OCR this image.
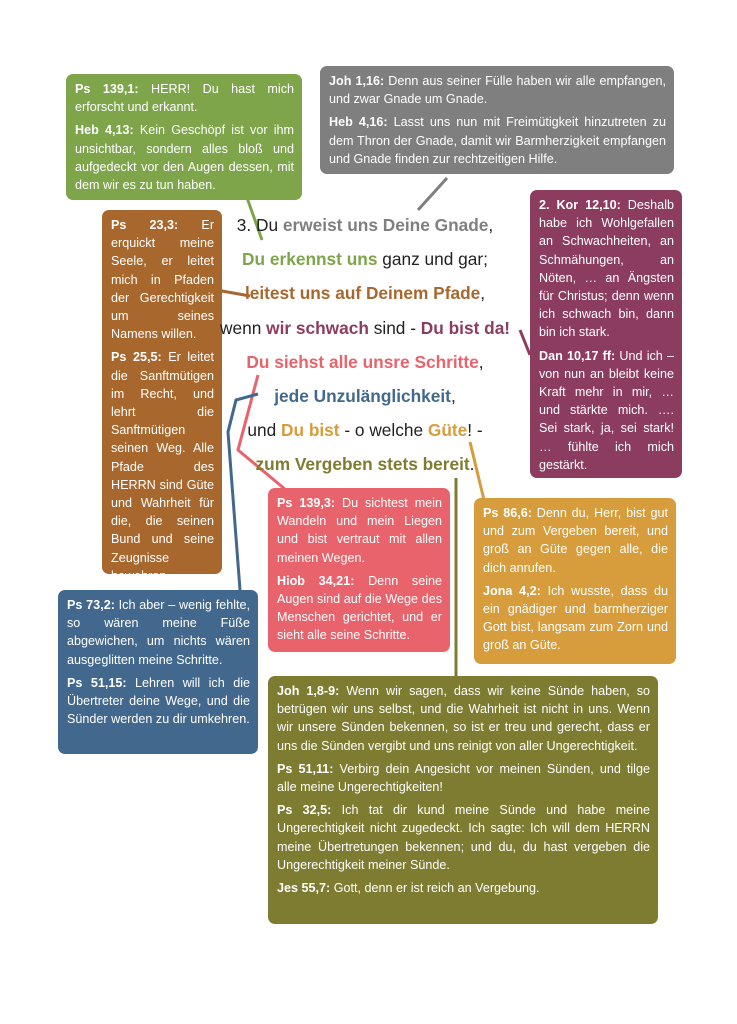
Ps 139,1: HERR! Du hast mich erforscht und erkannt.

Heb 4,13: Kein Geschöpf ist vor ihm unsichtbar, sondern alles bloß und aufgedeckt vor den Augen dessen, mit dem wir es zu tun haben.

Joh 1,16: Denn aus seiner Fülle haben wir alle empfangen, und zwar Gnade um Gnade.

Heb 4,16: Lasst uns nun mit Freimütigkeit hinzutreten zu dem Thron der Gnade, damit wir Barmherzigkeit empfangen und Gnade finden zur rechtzeitigen Hilfe.

Ps 23,3: Er erquickt meine Seele, er leitet mich in Pfaden der Gerechtigkeit um seines Namens willen.

Ps 25,5: Er leitet die Sanftmütigen im Recht, und lehrt die Sanftmütigen seinen Weg. Alle Pfade des HERRN sind Güte und Wahrheit für die, die seinen Bund und seine Zeugnisse bewahren.

2. Kor 12,10: Deshalb habe ich Wohlgefallen an Schwachheiten, an Schmähungen, an Nöten, … an Ängsten für Christus; denn wenn ich schwach bin, dann bin ich stark.

Dan 10,17 ff: Und ich – von nun an bleibt keine Kraft mehr in mir, … und stärkte mich. …. Sei stark, ja, sei stark! … fühlte ich mich gestärkt.

3. Du erweist uns Deine Gnade,
Du erkennst uns ganz und gar;
leitest uns auf Deinem Pfade,
wenn wir schwach sind - Du bist da!
Du siehst alle unsre Schritte,
jede Unzulänglichkeit,
und Du bist - o welche Güte! -
zum Vergeben stets bereit.

Ps 139,3: Du sichtest mein Wandeln und mein Liegen und bist vertraut mit allen meinen Wegen.

Hiob 34,21: Denn seine Augen sind auf die Wege des Menschen gerichtet, und er sieht alle seine Schritte.

Ps 86,6: Denn du, Herr, bist gut und zum Vergeben bereit, und groß an Güte gegen alle, die dich anrufen.

Jona 4,2: Ich wusste, dass du ein gnädiger und barmherziger Gott bist, langsam zum Zorn und groß an Güte.

Ps 73,2: Ich aber – wenig fehlte, so wären meine Füße abgewichen, um nichts wären ausgeglitten meine Schritte.

Ps 51,15: Lehren will ich die Übertreter deine Wege, und die Sünder werden zu dir umkehren.

Joh 1,8-9: Wenn wir sagen, dass wir keine Sünde haben, so betrügen wir uns selbst, und die Wahrheit ist nicht in uns. Wenn wir unsere Sünden bekennen, so ist er treu und gerecht, dass er uns die Sünden vergibt und uns reinigt von aller Ungerechtigkeit.

Ps 51,11: Verbirg dein Angesicht vor meinen Sünden, und tilge alle meine Ungerechtigkeiten!

Ps 32,5: Ich tat dir kund meine Sünde und habe meine Ungerechtigkeit nicht zugedeckt. Ich sagte: Ich will dem HERRN meine Übertretungen bekennen; und du, du hast vergeben die Ungerechtigkeit meiner Sünde.

Jes 55,7: Gott, denn er ist reich an Vergebung.
